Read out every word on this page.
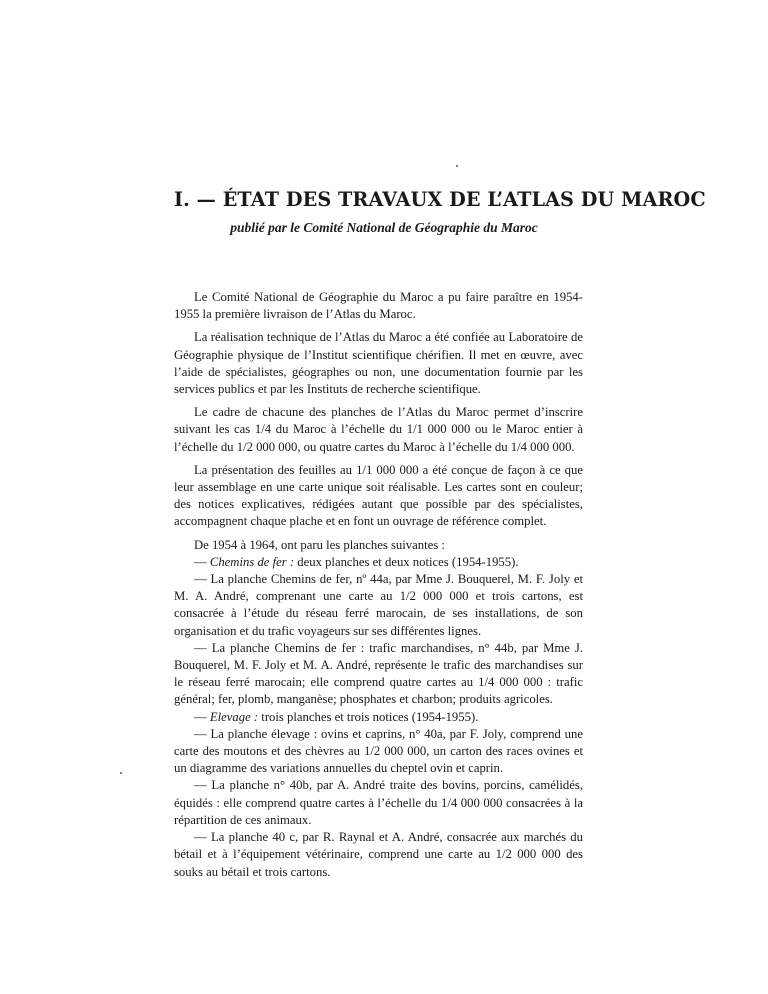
I. — ÉTAT DES TRAVAUX DE L’ATLAS DU MAROC
publié par le Comité National de Géographie du Maroc

Le Comité National de Géographie du Maroc a pu faire paraître en 1954-1955 la première livraison de l’Atlas du Maroc.

La réalisation technique de l’Atlas du Maroc a été confiée au Laboratoire de Géographie physique de l’Institut scientifique chérifien. Il met en œuvre, avec l’aide de spécialistes, géographes ou non, une documentation fournie par les services publics et par les Instituts de recherche scientifique.

Le cadre de chacune des planches de l’Atlas du Maroc permet d’inscrire suivant les cas 1/4 du Maroc à l’échelle du 1/1 000 000 ou le Maroc entier à l’échelle du 1/2 000 000, ou quatre cartes du Maroc à l’échelle du 1/4 000 000.

La présentation des feuilles au 1/1 000 000 a été conçue de façon à ce que leur assemblage en une carte unique soit réalisable. Les cartes sont en couleur; des notices explicatives, rédigées autant que possible par des spécialistes, accompagnent chaque plache et en font un ouvrage de référence complet.

De 1954 à 1964, ont paru les planches suivantes :

— Chemins de fer : deux planches et deux notices (1954-1955).

— La planche Chemins de fer, nº 44a, par Mme J. Bouquerel, M. F. Joly et M. A. André, comprenant une carte au 1/2 000 000 et trois cartons, est consacrée à l’étude du réseau ferré marocain, de ses installations, de son organisation et du trafic voyageurs sur ses différentes lignes.

— La planche Chemins de fer : trafic marchandises, n° 44b, par Mme J. Bouquerel, M. F. Joly et M. A. André, représente le trafic des marchandises sur le réseau ferré marocain; elle comprend quatre cartes au 1/4 000 000 : trafic général; fer, plomb, manganèse; phosphates et charbon; produits agricoles.

— Elevage : trois planches et trois notices (1954-1955).

— La planche élevage : ovins et caprins, n° 40a, par F. Joly, comprend une carte des moutons et des chèvres au 1/2 000 000, un carton des races ovines et un diagramme des variations annuelles du cheptel ovin et caprin.

— La planche n° 40b, par A. André traite des bovins, porcins, camélidés, équidés : elle comprend quatre cartes à l’échelle du 1/4 000 000 consacrées à la répartition de ces animaux.

— La planche 40 c, par R. Raynal et A. André, consacrée aux marchés du bétail et à l’équipement vétérinaire, comprend une carte au 1/2 000 000 des souks au bétail et trois cartons.
